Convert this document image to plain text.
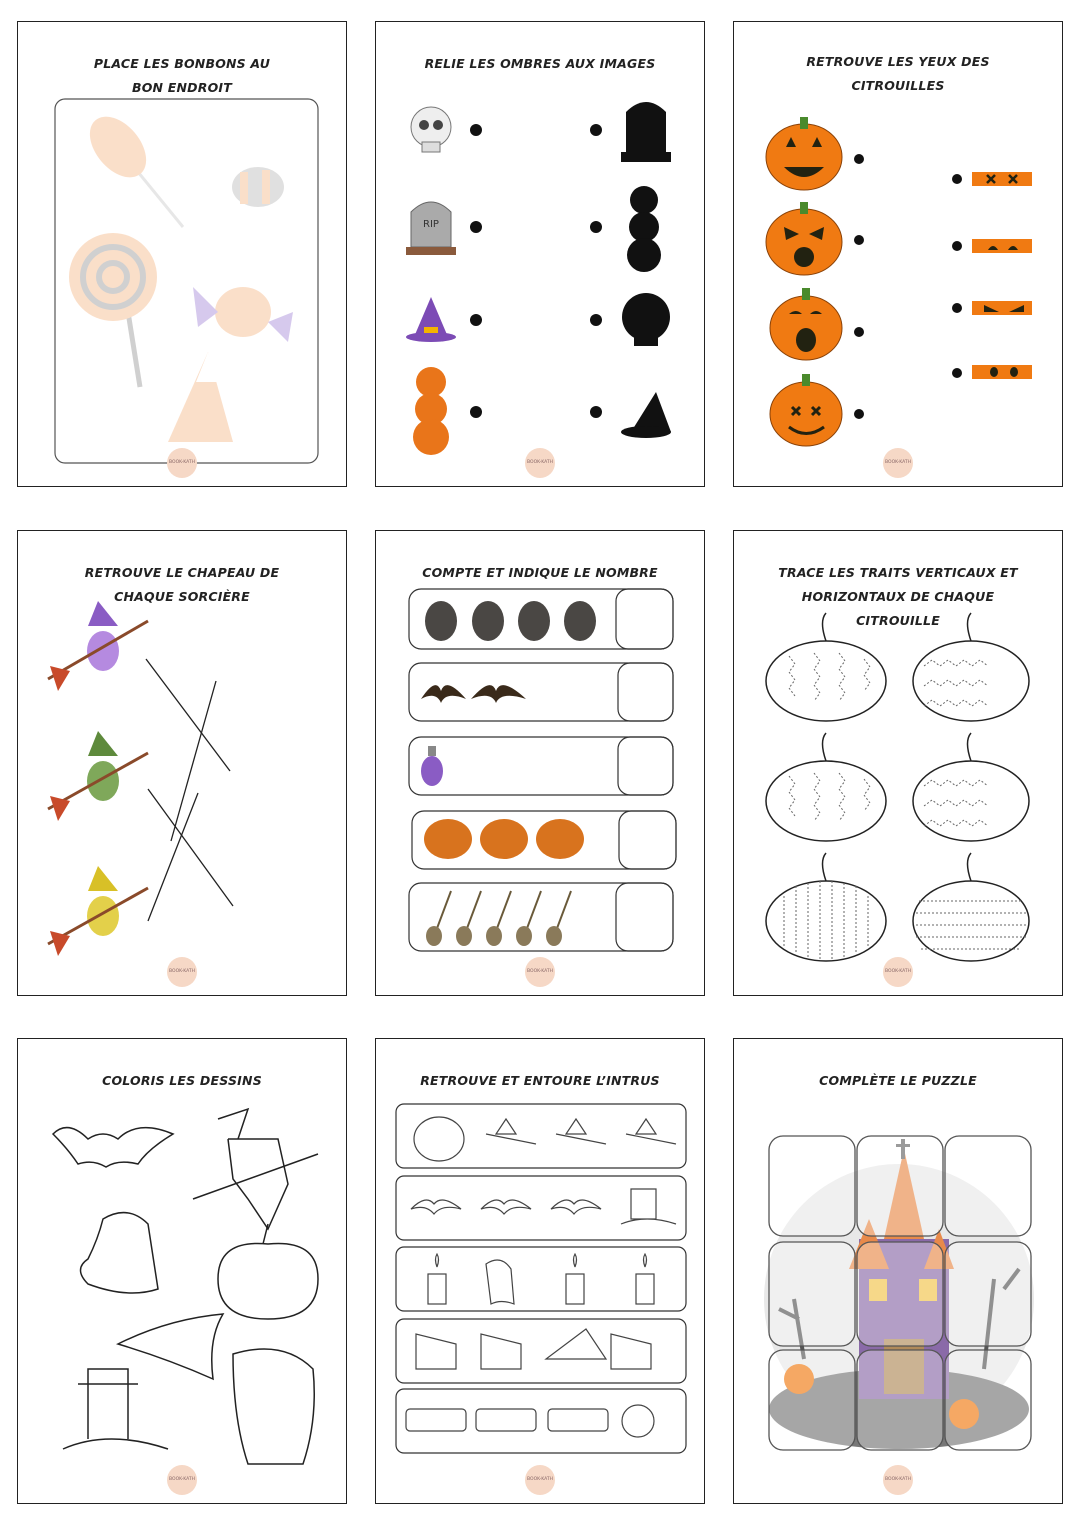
PLACE LES BONBONS AU BON ENDROIT
BOOK-KATH
RELIE LES OMBRES AUX IMAGES
RIP
BOOK-KATH
RETROUVE LES YEUX DES CITROUILLES
BOOK-KATH
RETROUVE LE CHAPEAU DE CHAQUE SORCIÈRE
BOOK-KATH
COMPTE ET INDIQUE LE NOMBRE
BOOK-KATH
TRACE LES TRAITS VERTICAUX ET HORIZONTAUX DE CHAQUE CITROUILLE
BOOK-KATH
COLORIS LES DESSINS
BOOK-KATH
RETROUVE ET ENTOURE L’INTRUS
BOOK-KATH
COMPLÈTE LE PUZZLE
BOOK-KATH
